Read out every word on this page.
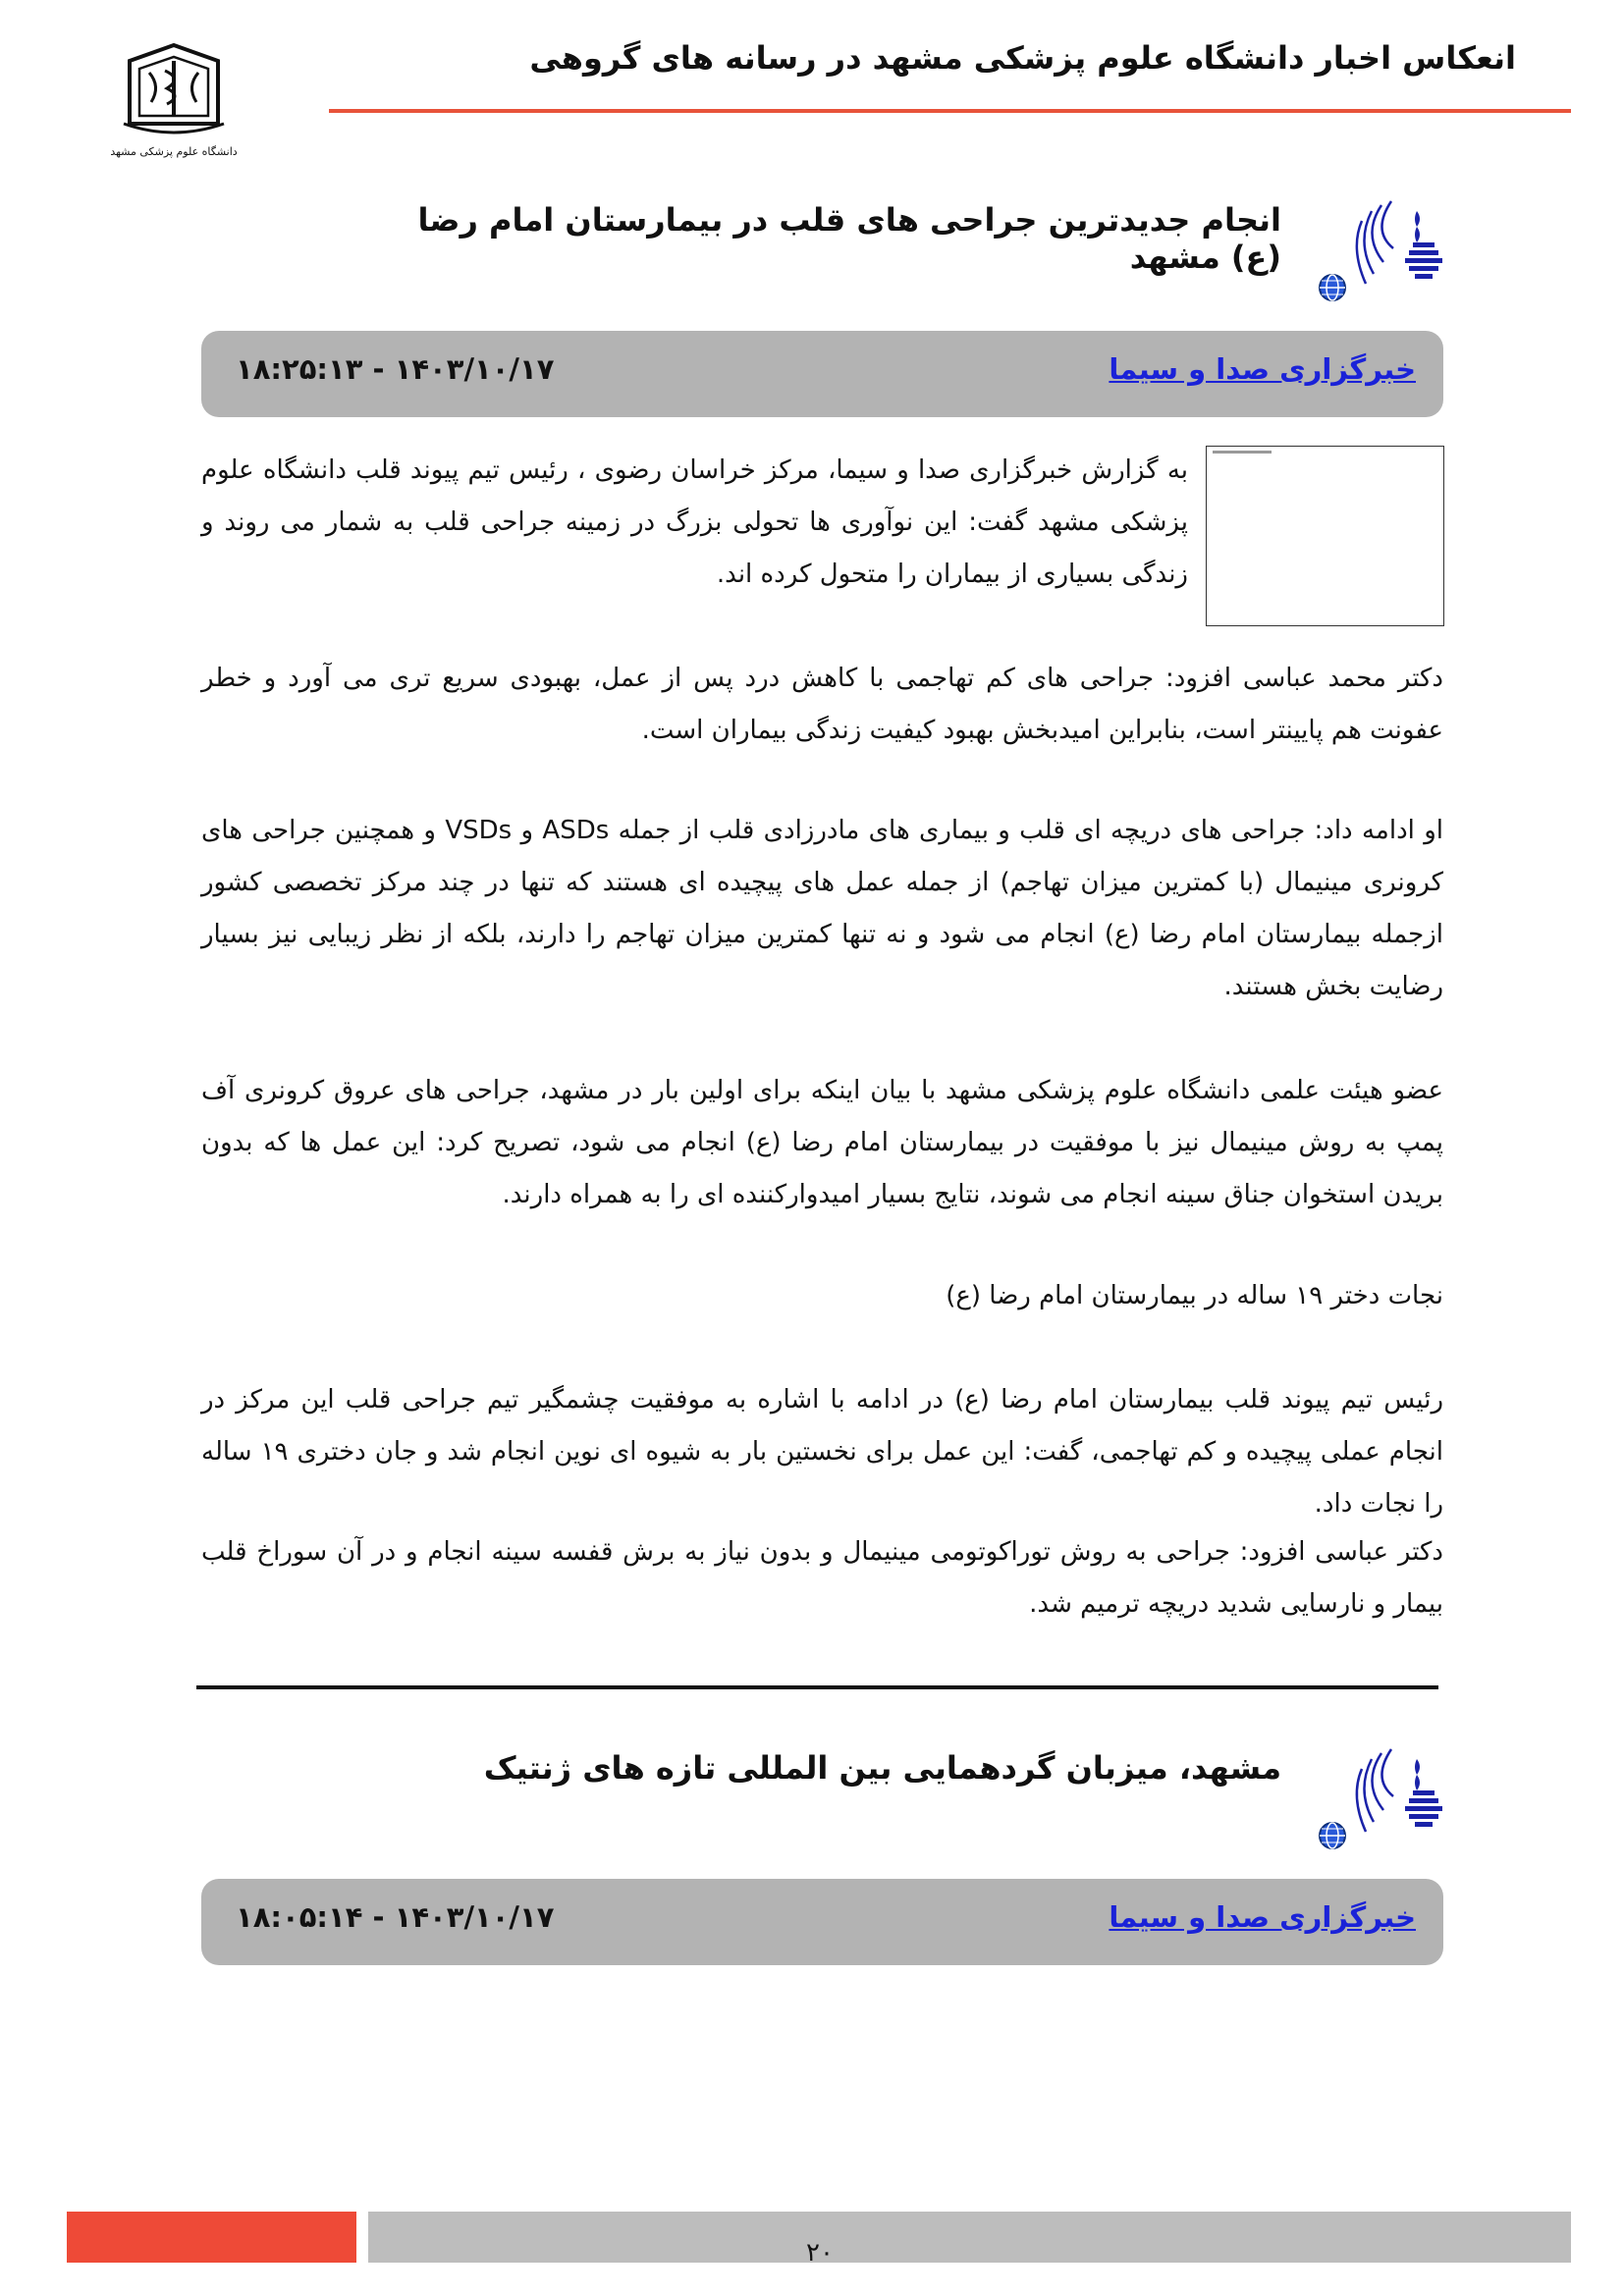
انعکاس اخبار دانشگاه علوم پزشکی مشهد در رسانه های گروهی
دانشگاه علوم پزشکی مشهد
انجام جدیدترین جراحی های قلب در بیمارستان امام رضا (ع) مشهد
خبرگزاری صدا و سیما
۱۴۰۳/۱۰/۱۷ - ۱۸:۲۵:۱۳
به گزارش خبرگزاری صدا و سیما، مرکز خراسان رضوی ، رئیس تیم پیوند قلب دانشگاه علوم پزشکی مشهد گفت: این نوآوری ها تحولی بزرگ در زمینه جراحی قلب به شمار می روند و زندگی بسیاری از بیماران را متحول کرده اند.
دکتر محمد عباسی افزود: جراحی های کم تهاجمی با کاهش درد پس از عمل، بهبودی سریع تری می آورد و خطر عفونت هم پایینتر است، بنابراین امیدبخش بهبود کیفیت زندگی بیماران است.
او ادامه داد: جراحی های دریچه ای قلب و بیماری های مادرزادی قلب از جمله ASDs و VSDs و همچنین جراحی های کرونری مینیمال (با کمترین میزان تهاجم) از جمله عمل های پیچیده ای هستند که تنها در چند مرکز تخصصی کشور ازجمله بیمارستان امام رضا (ع) انجام می شود و نه تنها کمترین میزان تهاجم را دارند، بلکه از نظر زیبایی نیز بسیار رضایت بخش هستند.
عضو هیئت علمی دانشگاه علوم پزشکی مشهد با بیان اینکه برای اولین بار در مشهد، جراحی های عروق کرونری آف پمپ به روش مینیمال نیز با موفقیت در بیمارستان امام رضا (ع) انجام می شود، تصریح کرد: این عمل ها که بدون بریدن استخوان جناق سینه انجام می شوند، نتایج بسیار امیدوارکننده ای را به همراه دارند.
نجات دختر ۱۹ ساله در بیمارستان امام رضا (ع)
رئیس تیم پیوند قلب بیمارستان امام رضا (ع) در ادامه با اشاره به موفقیت چشمگیر تیم جراحی قلب این مرکز در انجام عملی پیچیده و کم تهاجمی، گفت: این عمل برای نخستین بار به شیوه ای نوین انجام شد و جان دختری ۱۹ ساله را نجات داد.
دکتر عباسی افزود: جراحی به روش توراکوتومی مینیمال و بدون نیاز به برش قفسه سینه انجام و در آن سوراخ قلب بیمار و نارسایی شدید دریچه ترمیم شد.
مشهد، میزبان گردهمایی بین المللی تازه های ژنتیک
خبرگزاری صدا و سیما
۱۴۰۳/۱۰/۱۷ - ۱۸:۰۵:۱۴
۲۰
